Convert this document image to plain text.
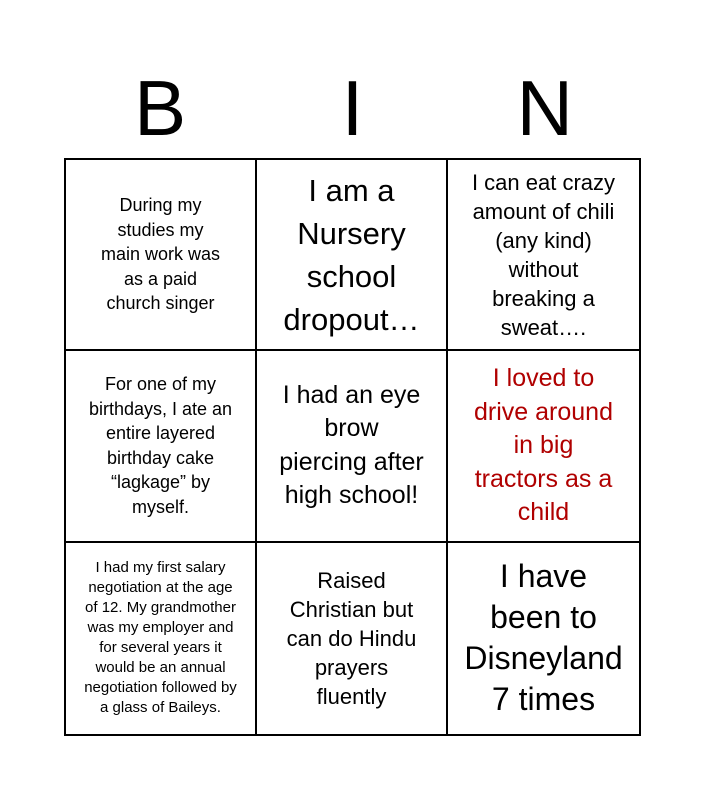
B	I	N
During my
studies my
main work was
as a paid
church singer
I am a
Nursery
school
dropout…
I can eat crazy
amount of chili
(any kind)
without
breaking a
sweat….
For one of my
birthdays, I ate an
entire layered
birthday cake
“lagkage” by
myself.
I had an eye
brow
piercing after
high school!
I loved to
drive around
in big
tractors as a
child
I had my first salary
negotiation at the age
of 12. My grandmother
was my employer and
for several years it
would be an annual
negotiation followed by
a glass of Baileys.
Raised
Christian but
can do Hindu
prayers
fluently
I have
been to
Disneyland
7 times
